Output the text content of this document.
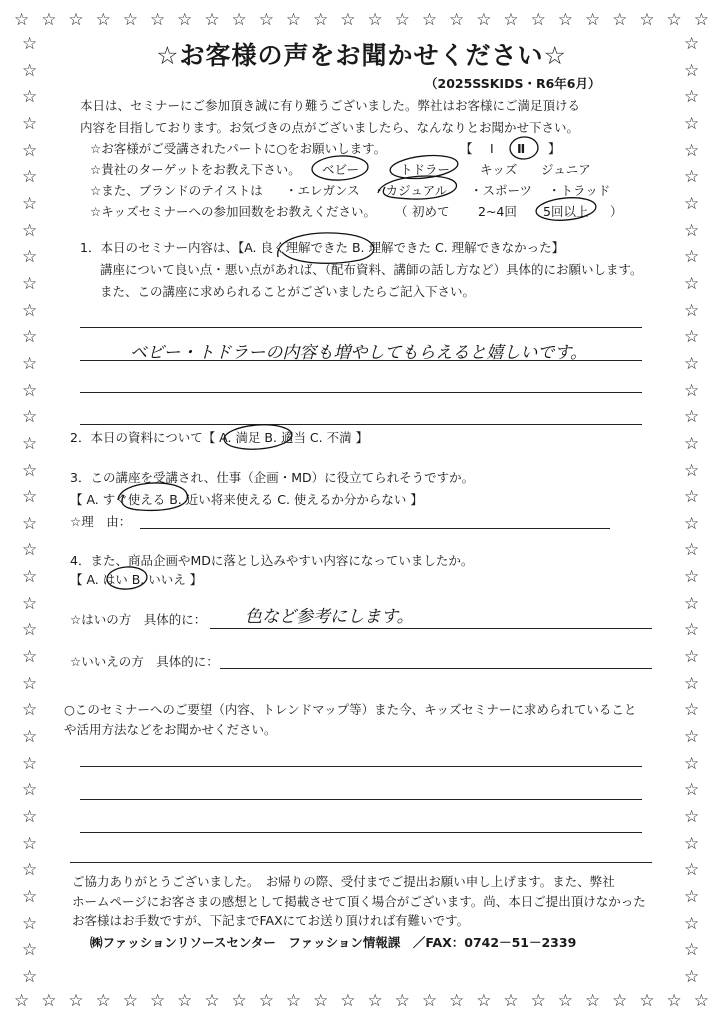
☆ ☆ ☆ ☆ ☆ ☆ ☆ ☆ ☆ ☆ ☆ ☆ ☆ ☆ ☆ ☆ ☆ ☆ ☆ ☆ ☆ ☆ ☆ ☆ ☆ ☆
☆ ☆ ☆ ☆ ☆ ☆ ☆ ☆ ☆ ☆ ☆ ☆ ☆ ☆ ☆ ☆ ☆ ☆ ☆ ☆ ☆ ☆ ☆ ☆ ☆ ☆
☆
☆
☆
☆
☆
☆
☆
☆
☆
☆
☆
☆
☆
☆
☆
☆
☆
☆
☆
☆
☆
☆
☆
☆
☆
☆
☆
☆
☆
☆
☆
☆
☆
☆
☆
☆
☆
☆
☆
☆
☆
☆
☆
☆
☆
☆
☆
☆
☆
☆
☆
☆
☆
☆
☆
☆
☆
☆
☆
☆
☆
☆
☆
☆
☆
☆
☆
☆
☆
☆
☆
☆
☆お客様の声をお聞かせください☆
（2025SSKIDS・R6年6月）
本日は、セミナーにご参加頂き誠に有り難うございました。弊社はお客様にご満足頂ける
内容を目指しております。お気づきの点がございましたら、なんなりとお聞かせ下さい。
☆お客様がご受講されたパートに○をお願いします。	【 Ⅰ Ⅱ 】
☆貴社のターゲットをお教え下さい。 ベビー	トドラー キッズ ジュニア
☆また、ブランドのテイストは ・エレガンス ・カジュアル ・スポーツ ・トラッド
☆キッズセミナーへの参加回数をお教えください。 （ 初めて 2~4回 5回以上 ）
1．本日のセミナー内容は、【A. 良く理解できた B. 理解できた C. 理解できなかった】
講座について良い点・悪い点があれば、（配布資料、講師の話し方など）具体的にお願いします。
また、この講座に求められることがございましたらご記入下さい。
ベビー・トドラーの内容も増やしてもらえると嬉しいです。
2．本日の資料について【 A. 満足 B. 適当 C. 不満 】
3．この講座を受講され、仕事（企画・MD）に役立てられそうですか。
【 A. すぐ使える B. 近い将来使える C. 使えるか分からない 】
☆理　由：
4．また、商品企画やMDに落とし込みやすい内容になっていましたか。
【 A. はい B. いいえ 】
☆はいの方　具体的に： 色など参考にします。
☆いいえの方　具体的に：
○このセミナーへのご要望（内容、トレンドマップ等）また今、キッズセミナーに求められていること
や活用方法などをお聞かせください。
ご協力ありがとうございました。　お帰りの際、受付までご提出お願い申し上げます。また、弊社
ホームページにお客さまの感想として掲載させて頂く場合がございます。尚、本日ご提出頂けなかった
お客様はお手数ですが、下記までFAXにてお送り頂ければ有難いです。
㈱ファッションリソースセンター　ファッション情報課　／FAX：0742－51－2339
